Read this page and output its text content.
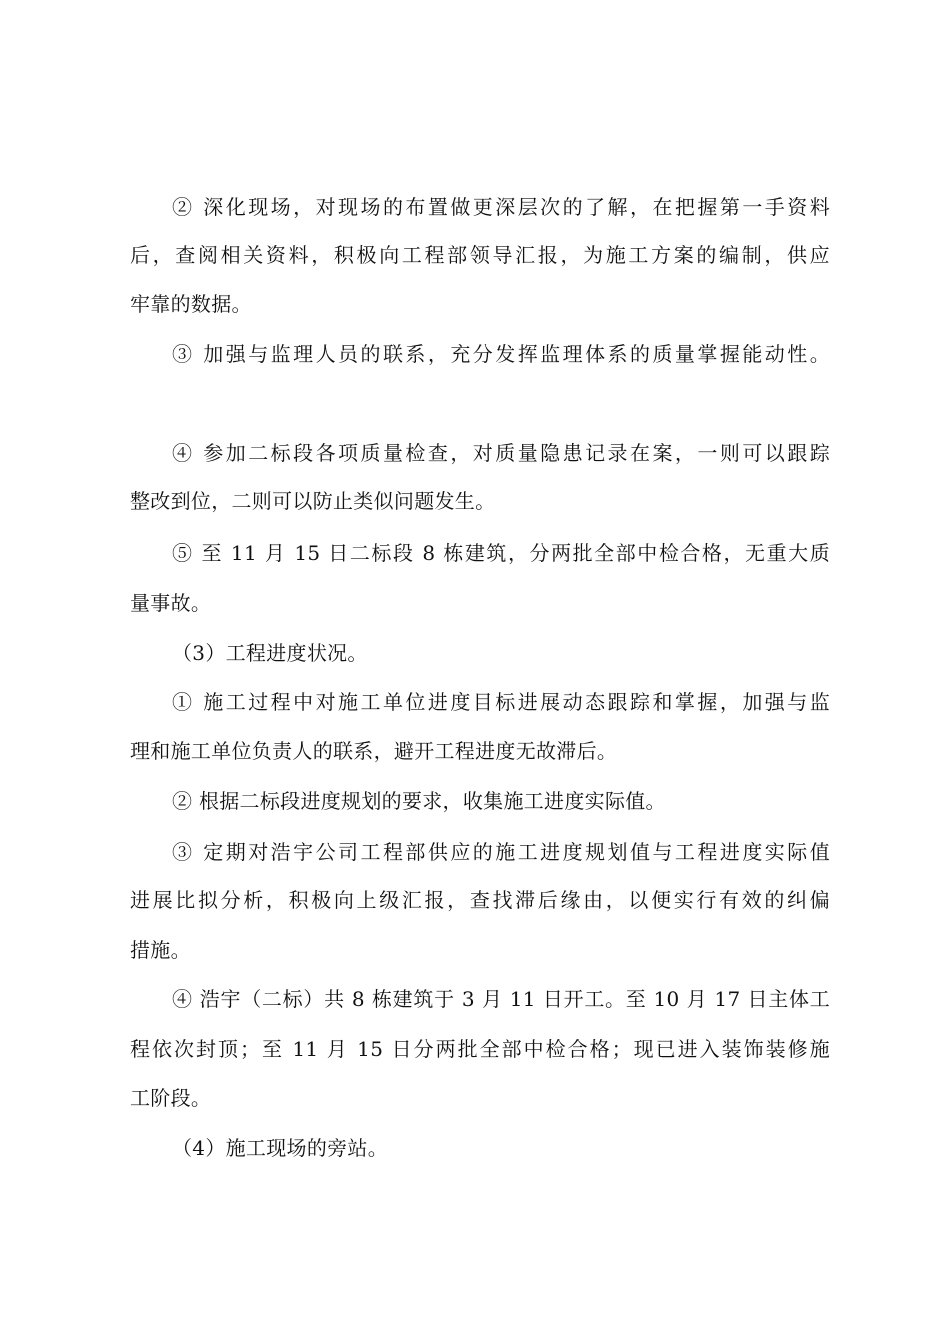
② 深化现场，对现场的布置做更深层次的了解，在把握第一手资料
后，查阅相关资料，积极向工程部领导汇报，为施工方案的编制，供应
牢靠的数据。
③ 加强与监理人员的联系，充分发挥监理体系的质量掌握能动性。
④ 参加二标段各项质量检查，对质量隐患记录在案，一则可以跟踪
整改到位，二则可以防止类似问题发生。
⑤ 至 11 月 15 日二标段 8 栋建筑，分两批全部中检合格，无重大质
量事故。
（3）工程进度状况。
① 施工过程中对施工单位进度目标进展动态跟踪和掌握，加强与监
理和施工单位负责人的联系，避开工程进度无故滞后。
② 根据二标段进度规划的要求，收集施工进度实际值。
③ 定期对浩宇公司工程部供应的施工进度规划值与工程进度实际值
进展比拟分析，积极向上级汇报，查找滞后缘由，以便实行有效的纠偏
措施。
④ 浩宇（二标）共 8 栋建筑于 3 月 11 日开工。至 10 月 17 日主体工
程依次封顶；至 11 月 15 日分两批全部中检合格；现已进入装饰装修施
工阶段。
（4）施工现场的旁站。
